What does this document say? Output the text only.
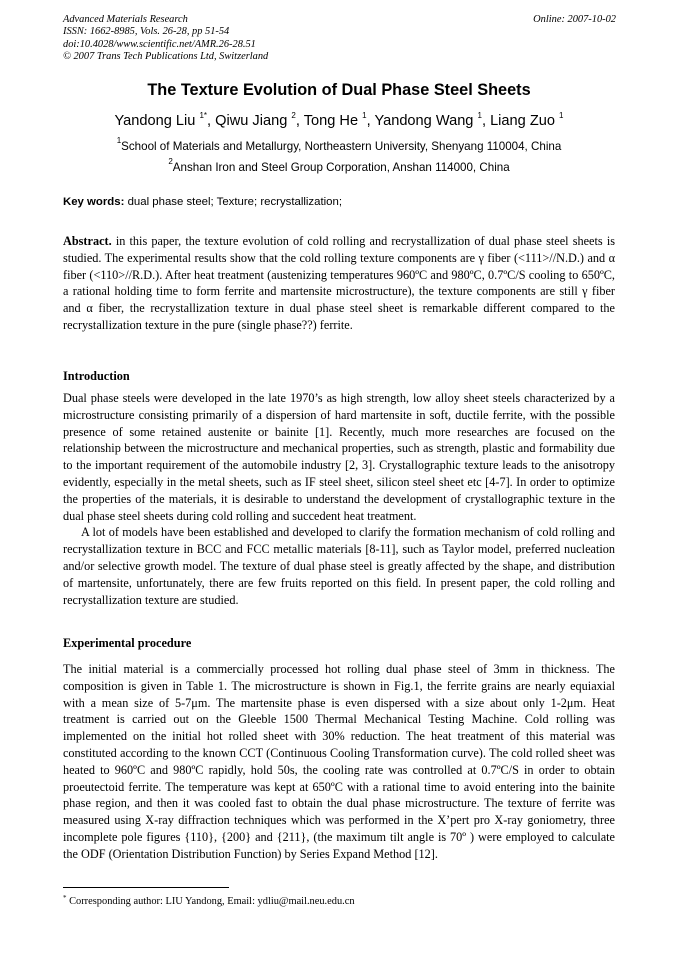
Advanced Materials Research
ISSN: 1662-8985, Vols. 26-28, pp 51-54
doi:10.4028/www.scientific.net/AMR.26-28.51
© 2007 Trans Tech Publications Ltd, Switzerland
Online: 2007-10-02
The Texture Evolution of Dual Phase Steel Sheets
Yandong Liu $^{1*}$, Qiwu Jiang $^2$, Tong He $^1$, Yandong Wang $^1$, Liang Zuo $^1$
$^1$School of Materials and Metallurgy, Northeastern University, Shenyang 110004, China
$^2$Anshan Iron and Steel Group Corporation, Anshan 114000, China
Key words: dual phase steel; Texture; recrystallization;
Abstract. in this paper, the texture evolution of cold rolling and recrystallization of dual phase steel sheets is studied. The experimental results show that the cold rolling texture components are γ fiber (<111>//N.D.) and α fiber (<110>//R.D.). After heat treatment (austenizing temperatures 960ºC and 980ºC, 0.7ºC/S cooling to 650ºC, a rational holding time to form ferrite and martensite microstructure), the texture components are still γ fiber and α fiber, the recrystallization texture in dual phase steel sheet is remarkable different compared to the recrystallization texture in the pure (single phase??) ferrite.
Introduction

Dual phase steels were developed in the late 1970’s as high strength, low alloy sheet steels characterized by a microstructure consisting primarily of a dispersion of hard martensite in soft, ductile ferrite, with the possible presence of some retained austenite or bainite [1]. Recently, much more researches are focused on the relationship between the microstructure and mechanical properties, such as strength, plastic and formability due to the important requirement of the automobile industry [2, 3]. Crystallographic texture leads to the anisotropy evidently, especially in the metal sheets, such as IF steel sheet, silicon steel sheet etc [4-7]. In order to optimize the properties of the materials, it is desirable to understand the development of crystallographic texture in the dual phase steel sheets during cold rolling and succedent heat treatment.

A lot of models have been established and developed to clarify the formation mechanism of cold rolling and recrystallization texture in BCC and FCC metallic materials [8-11], such as Taylor model, preferred nucleation and/or selective growth model. The texture of dual phase steel is greatly affected by the shape, and distribution of martensite, unfortunately, there are few fruits reported on this field. In present paper, the cold rolling and recrystallization texture are studied.

Experimental procedure
The initial material is a commercially processed hot rolling dual phase steel of 3mm in thickness. The composition is given in Table 1. The microstructure is shown in Fig.1, the ferrite grains are nearly equiaxial with a mean size of 5-7μm. The martensite phase is even dispersed with a size about only 1-2μm. Heat treatment is carried out on the Gleeble 1500 Thermal Mechanical Testing Machine. Cold rolling was implemented on the initial hot rolled sheet with 30% reduction. The heat treatment of this material was constituted according to the known CCT (Continuous Cooling Transformation curve). The cold rolled sheet was heated to 960ºC and 980ºC rapidly, hold 50s, the cooling rate was controlled at 0.7ºC/S in order to obtain proeutectoid ferrite. The temperature was kept at 650ºC with a rational time to avoid entering into the bainite phase region, and then it was cooled fast to obtain the dual phase microstructure. The texture of ferrite was measured using X-ray diffraction techniques which was performed in the X’pert pro X-ray goniometry, three incomplete pole figures {110}, {200} and {211}, (the maximum tilt angle is 70º ) were employed to calculate the ODF (Orientation Distribution Function) by Series Expand Method [12].
* Corresponding author: LIU Yandong, Email: ydliu@mail.neu.edu.cn
